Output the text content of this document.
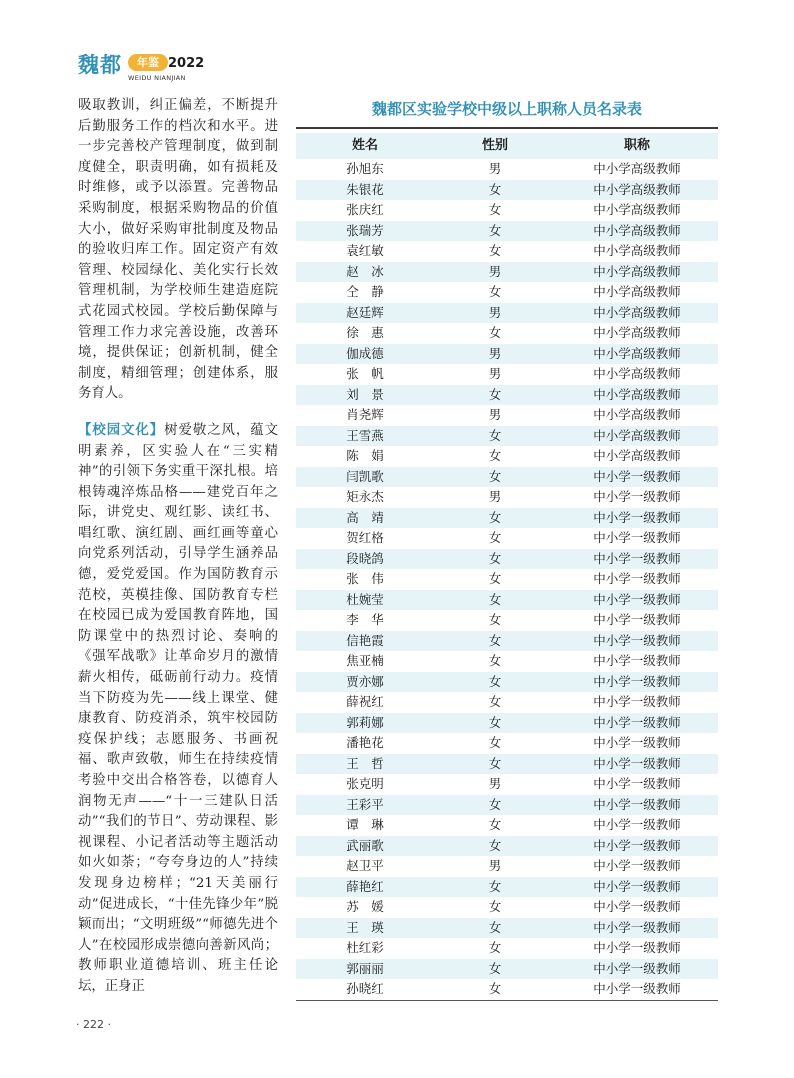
魏都	年鉴 2022
WEIDU NIANJIAN

吸取教训，纠正偏差，不断提升后勤服务工作的档次和水平。进一步完善校产管理制度，做到制度健全，职责明确，如有损耗及时维修，或予以添置。完善物品采购制度，根据采购物品的价值大小，做好采购审批制度及物品的验收归库工作。固定资产有效管理、校园绿化、美化实行长效管理机制，为学校师生建造庭院式花园式校园。学校后勤保障与管理工作力求完善设施，改善环境，提供保证；创新机制，健全制度，精细管理；创建体系，服务育人。

【校园文化】树爱敬之风，蕴文明素养，区实验人在“三实精神”的引领下务实重干深扎根。培根铸魂淬炼品格——建党百年之际，讲党史、观红影、读红书、唱红歌、演红剧、画红画等童心向党系列活动，引导学生涵养品德，爱党爱国。作为国防教育示范校，英模挂像、国防教育专栏在校园已成为爱国教育阵地，国防课堂中的热烈讨论、奏响的《强军战歌》让革命岁月的激情薪火相传，砥砺前行动力。疫情当下防疫为先——线上课堂、健康教育、防疫消杀，筑牢校园防疫保护线；志愿服务、书画祝福、歌声致敬，师生在持续疫情考验中交出合格答卷，以德育人润物无声——“十一三建队日活动”“我们的节日”、劳动课程、影视课程、小记者活动等主题活动如火如荼；“夸夸身边的人”持续发现身边榜样；“21天美丽行动”促进成长，“十佳先锋少年”脱颖而出；“文明班级”“师德先进个人”在校园形成崇德向善新风尚；教师职业道德培训、班主任论坛，正身正

· 222 ·
魏都区实验学校中级以上职称人员名录表
姓名	性别	职称
孙旭东	男	中小学高级教师
朱银花	女	中小学高级教师
张庆红	女	中小学高级教师
张瑞芳	女	中小学高级教师
袁红敏	女	中小学高级教师
赵　冰	男	中小学高级教师
仝　静	女	中小学高级教师
赵廷辉	男	中小学高级教师
徐　惠	女	中小学高级教师
伽成德	男	中小学高级教师
张　帆	男	中小学高级教师
刘　景	女	中小学高级教师
肖尧辉	男	中小学高级教师
王雪燕	女	中小学高级教师
陈　娟	女	中小学高级教师
闫凯歌	女	中小学一级教师
矩永杰	男	中小学一级教师
高　靖	女	中小学一级教师
贺红格	女	中小学一级教师
段晓鸽	女	中小学一级教师
张　伟	女	中小学一级教师
杜婉莹	女	中小学一级教师
李　华	女	中小学一级教师
信艳霞	女	中小学一级教师
焦亚楠	女	中小学一级教师
贾亦娜	女	中小学一级教师
薛祝红	女	中小学一级教师
郭莉娜	女	中小学一级教师
潘艳花	女	中小学一级教师
王　哲	女	中小学一级教师
张克明	男	中小学一级教师
王彩平	女	中小学一级教师
谭　琳	女	中小学一级教师
武丽歌	女	中小学一级教师
赵卫平	男	中小学一级教师
薛艳红	女	中小学一级教师
苏　媛	女	中小学一级教师
王　瑛	女	中小学一级教师
杜红彩	女	中小学一级教师
郭丽丽	女	中小学一级教师
孙晓红	女	中小学一级教师
